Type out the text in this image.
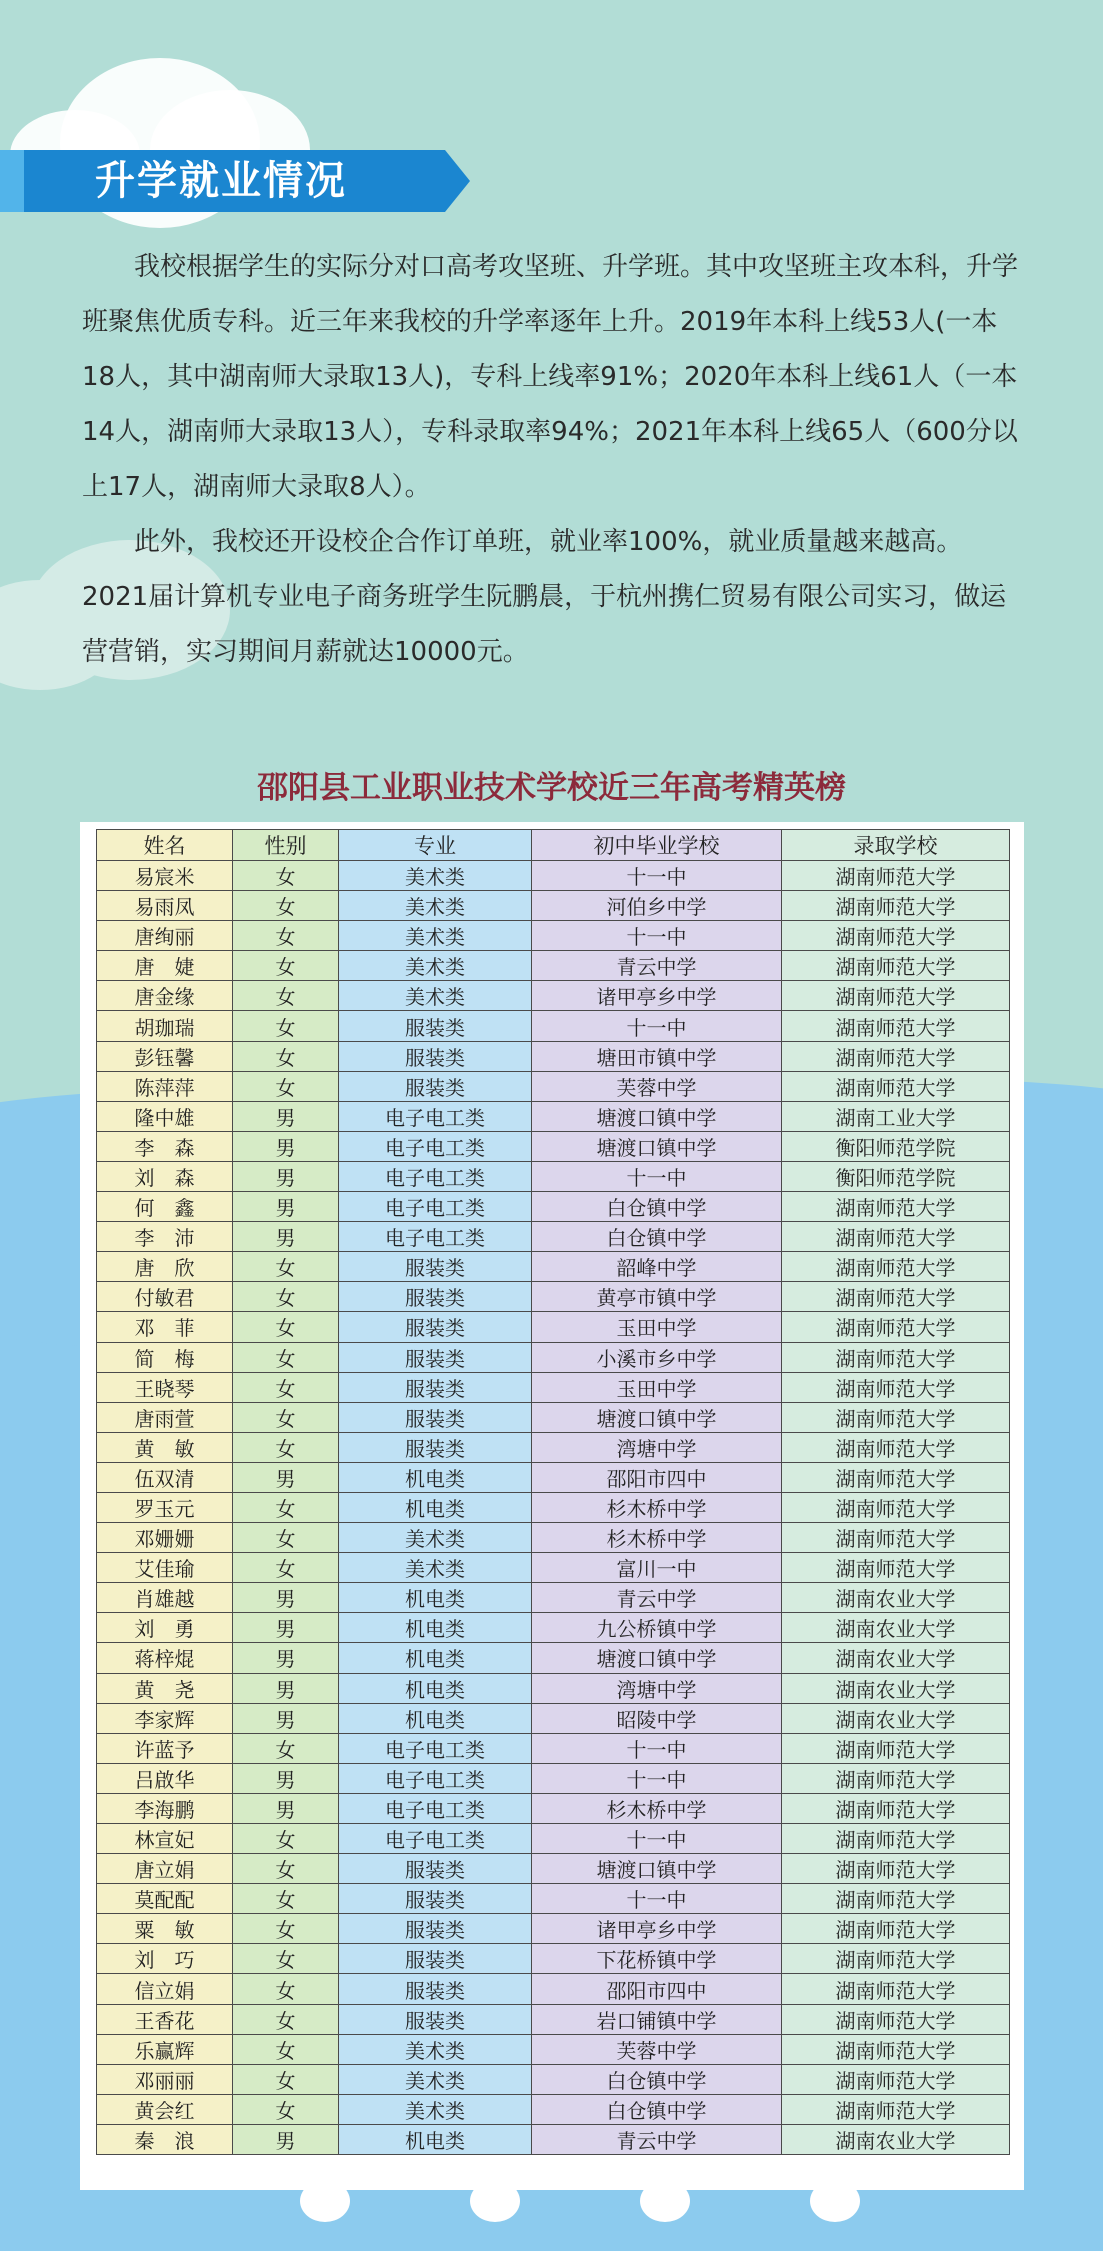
升学就业情况

我校根据学生的实际分对口高考攻坚班、升学班。其中攻坚班主攻本科，升学班聚焦优质专科。近三年来我校的升学率逐年上升。2019年本科上线53人(一本18人，其中湖南师大录取13人)，专科上线率91%；2020年本科上线61人（一本14人，湖南师大录取13人），专科录取率94%；2021年本科上线65人（600分以上17人，湖南师大录取8人）。

此外，我校还开设校企合作订单班，就业率100%，就业质量越来越高。2021届计算机专业电子商务班学生阮鹏晨，于杭州携仁贸易有限公司实习，做运营营销，实习期间月薪就达10000元。

邵阳县工业职业技术学校近三年高考精英榜
姓名	性别	专业	初中毕业学校	录取学校
易宸米	女	美术类	十一中	湖南师范大学
易雨凤	女	美术类	河伯乡中学	湖南师范大学
唐绚丽	女	美术类	十一中	湖南师范大学
唐　婕	女	美术类	青云中学	湖南师范大学
唐金缘	女	美术类	诸甲亭乡中学	湖南师范大学
胡珈瑞	女	服装类	十一中	湖南师范大学
彭钰馨	女	服装类	塘田市镇中学	湖南师范大学
陈萍萍	女	服装类	芙蓉中学	湖南师范大学
隆中雄	男	电子电工类	塘渡口镇中学	湖南工业大学
李　森	男	电子电工类	塘渡口镇中学	衡阳师范学院
刘　森	男	电子电工类	十一中	衡阳师范学院
何　鑫	男	电子电工类	白仓镇中学	湖南师范大学
李　沛	男	电子电工类	白仓镇中学	湖南师范大学
唐　欣	女	服装类	韶峰中学	湖南师范大学
付敏君	女	服装类	黄亭市镇中学	湖南师范大学
邓　菲	女	服装类	玉田中学	湖南师范大学
简　梅	女	服装类	小溪市乡中学	湖南师范大学
王晓琴	女	服装类	玉田中学	湖南师范大学
唐雨萱	女	服装类	塘渡口镇中学	湖南师范大学
黄　敏	女	服装类	湾塘中学	湖南师范大学
伍双清	男	机电类	邵阳市四中	湖南师范大学
罗玉元	女	机电类	杉木桥中学	湖南师范大学
邓姗姗	女	美术类	杉木桥中学	湖南师范大学
艾佳瑜	女	美术类	富川一中	湖南师范大学
肖雄越	男	机电类	青云中学	湖南农业大学
刘　勇	男	机电类	九公桥镇中学	湖南农业大学
蒋梓焜	男	机电类	塘渡口镇中学	湖南农业大学
黄　尧	男	机电类	湾塘中学	湖南农业大学
李家辉	男	机电类	昭陵中学	湖南农业大学
许蓝予	女	电子电工类	十一中	湖南师范大学
吕啟华	男	电子电工类	十一中	湖南师范大学
李海鹏	男	电子电工类	杉木桥中学	湖南师范大学
林宣妃	女	电子电工类	十一中	湖南师范大学
唐立娟	女	服装类	塘渡口镇中学	湖南师范大学
莫配配	女	服装类	十一中	湖南师范大学
粟　敏	女	服装类	诸甲亭乡中学	湖南师范大学
刘　巧	女	服装类	下花桥镇中学	湖南师范大学
信立娟	女	服装类	邵阳市四中	湖南师范大学
王香花	女	服装类	岩口铺镇中学	湖南师范大学
乐赢辉	女	美术类	芙蓉中学	湖南师范大学
邓丽丽	女	美术类	白仓镇中学	湖南师范大学
黄会红	女	美术类	白仓镇中学	湖南师范大学
秦　浪	男	机电类	青云中学	湖南农业大学
